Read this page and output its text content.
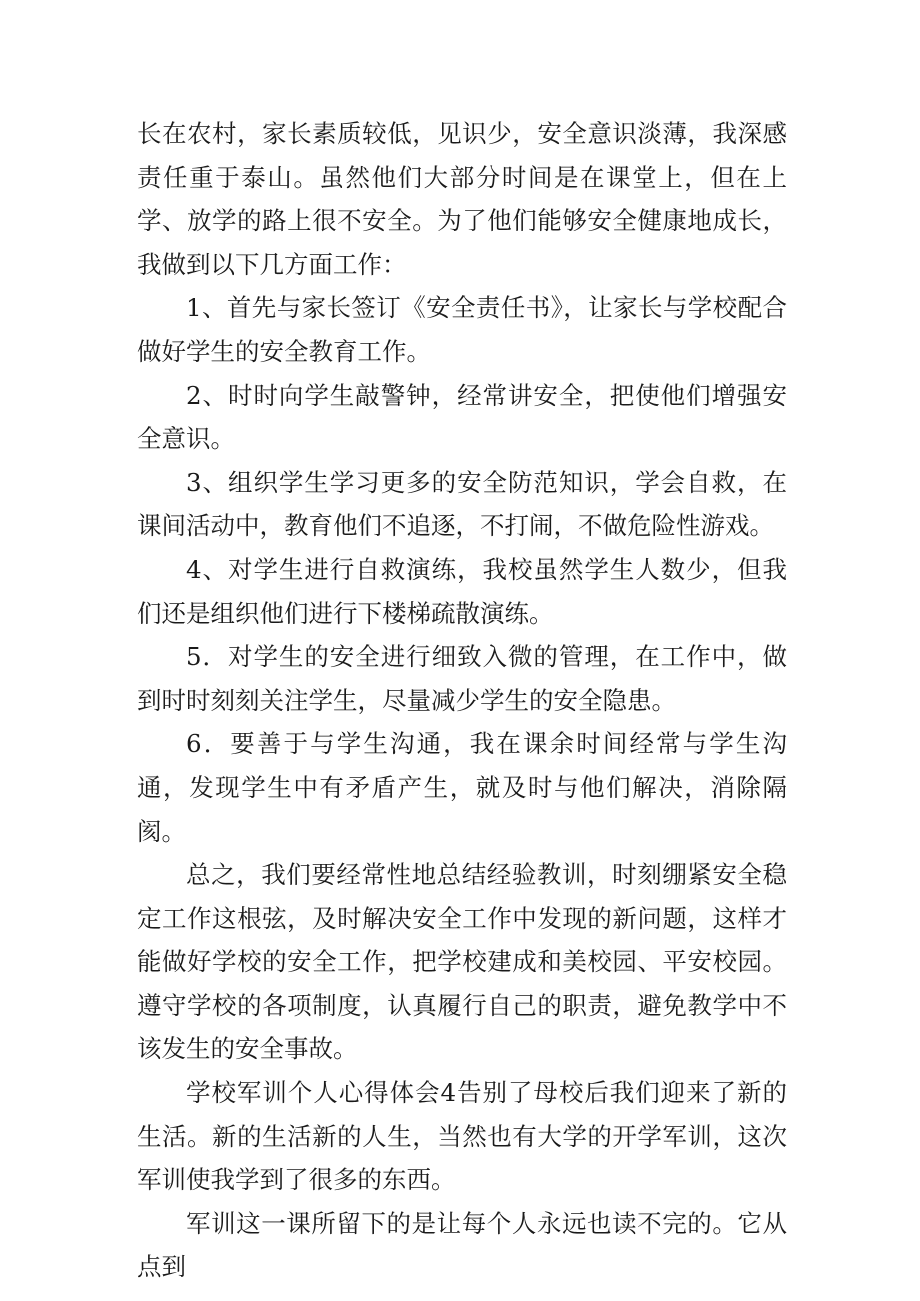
长在农村，家长素质较低，见识少，安全意识淡薄，我深感责任重于泰山。虽然他们大部分时间是在课堂上，但在上学、放学的路上很不安全。为了他们能够安全健康地成长，我做到以下几方面工作：

1、首先与家长签订《安全责任书》，让家长与学校配合做好学生的安全教育工作。

2、时时向学生敲警钟，经常讲安全，把使他们增强安全意识。

3、组织学生学习更多的安全防范知识，学会自救，在课间活动中，教育他们不追逐，不打闹，不做危险性游戏。

4、对学生进行自救演练，我校虽然学生人数少，但我们还是组织他们进行下楼梯疏散演练。

5．对学生的安全进行细致入微的管理，在工作中，做到时时刻刻关注学生，尽量减少学生的安全隐患。

6．要善于与学生沟通，我在课余时间经常与学生沟通，发现学生中有矛盾产生，就及时与他们解决，消除隔阂。

总之，我们要经常性地总结经验教训，时刻绷紧安全稳定工作这根弦，及时解决安全工作中发现的新问题，这样才能做好学校的安全工作，把学校建成和美校园、平安校园。遵守学校的各项制度，认真履行自己的职责，避免教学中不该发生的安全事故。

学校军训个人心得体会4告别了母校后我们迎来了新的生活。新的生活新的人生，当然也有大学的开学军训，这次军训使我学到了很多的东西。

军训这一课所留下的是让每个人永远也读不完的。它从点到
